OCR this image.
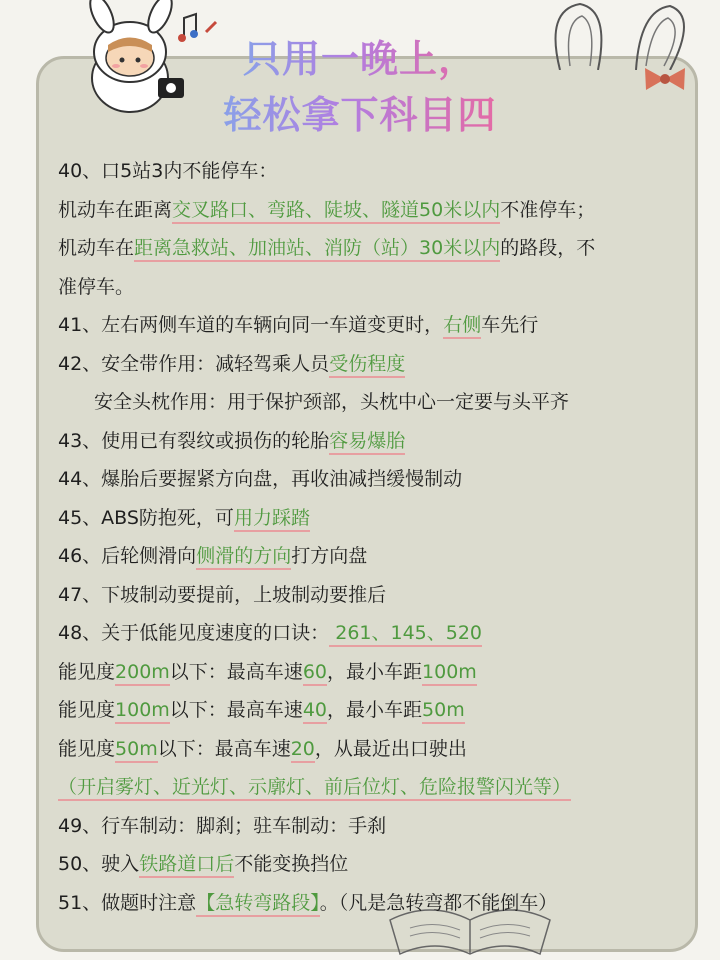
只用一晚上，
轻松拿下科目四
40、口5站3内不能停车：
机动车在距离交叉路口、弯路、陡坡、隧道50米以内不准停车；
机动车在距离急救站、加油站、消防（站）30米以内的路段，不
准停车。
41、左右两侧车道的车辆向同一车道变更时，右侧车先行
42、安全带作用：减轻驾乘人员受伤程度
安全头枕作用：用于保护颈部，头枕中心一定要与头平齐
43、使用已有裂纹或损伤的轮胎容易爆胎
44、爆胎后要握紧方向盘，再收油减挡缓慢制动
45、ABS防抱死，可用力踩踏
46、后轮侧滑向侧滑的方向打方向盘
47、下坡制动要提前，上坡制动要推后
48、关于低能见度速度的口诀： 261、145、520
能见度200m以下：最高车速60，最小车距100m
能见度100m以下：最高车速40，最小车距50m
能见度50m以下：最高车速20，从最近出口驶出
（开启雾灯、近光灯、示廓灯、前后位灯、危险报警闪光等）
49、行车制动：脚刹；驻车制动：手刹
50、驶入铁路道口后不能变换挡位
51、做题时注意【急转弯路段】。（凡是急转弯都不能倒车）
